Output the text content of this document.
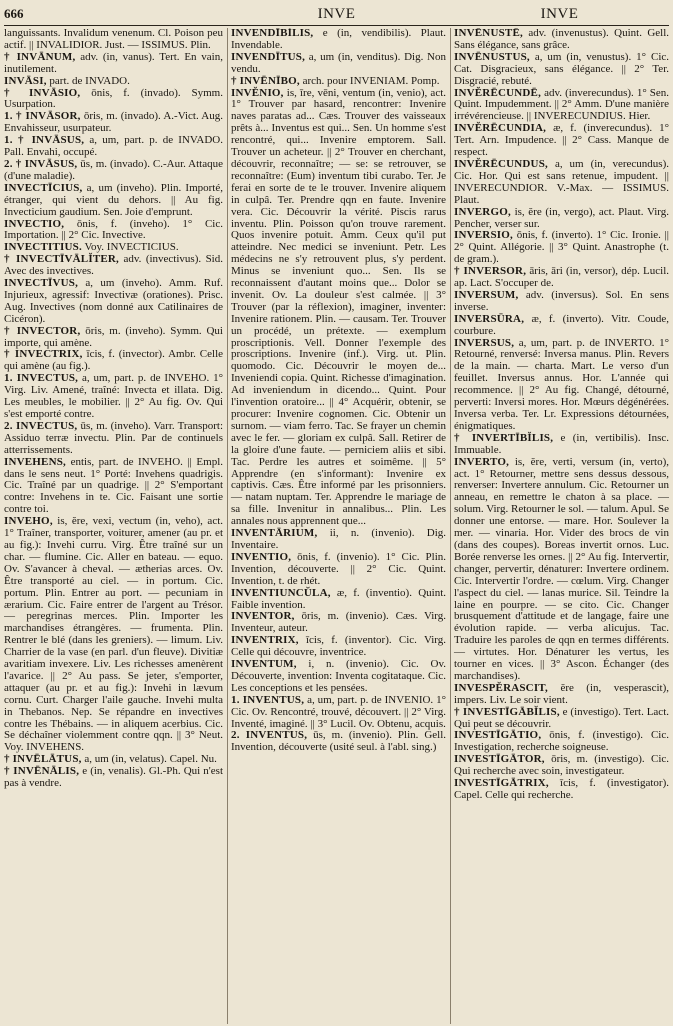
666	INVE	INVE

languissants. Invalidum venenum. Cl. Poison peu actif. || INVALIDIOR. Just. — ISSIMUS. Plin.

† INVĀNUM, adv. (in, vanus). Tert. En vain, inutilement.

INVĀSI, part. de INVADO.

† INVĀSIO, ōnis, f. (invado). Symm. Usurpation.

1. † INVĀSOR, ōris, m. (invado). A.-Vict. Aug. Envahisseur, usurpateur.

1. † INVĀSUS, a, um, part. p. de INVADO. Pall. Envahi, occupé.

2. † INVĀSUS, ūs, m. (invado). C.-Aur. Attaque (d'une maladie).

INVECTĪCIUS, a, um (inveho). Plin. Importé, étranger, qui vient du dehors. || Au fig. Invecticium gaudium. Sen. Joie d'emprunt.

INVECTIO, ōnis, f. (inveho). 1° Cic. Importation. || 2° Cic. Invective.

INVECTITIUS. Voy. INVECTICIUS.

† INVECTĪVĀLĬTER, adv. (invectivus). Sid. Avec des invectives.

INVECTĪVUS, a, um (inveho). Amm. Ruf. Injurieux, agressif: Invectivæ (orationes). Prisc. Aug. Invectives (nom donné aux Catilinaires de Cicéron).

† INVECTOR, ōris, m. (inveho). Symm. Qui importe, qui amène.

† INVECTRIX, īcis, f. (invector). Ambr. Celle qui amène (au fig.).

1. INVECTUS, a, um, part. p. de INVEHO. 1° Virg. Liv. Amené, traîné: Invecta et illata. Dig. Les meubles, le mobilier. || 2° Au fig. Ov. Qui s'est emporté contre.

2. INVECTUS, ūs, m. (inveho). Varr. Transport: Assiduo terræ invectu. Plin. Par de continuels atterrissements.

INVEHENS, entis, part. de INVEHO. || Empl. dans le sens neut. 1° Porté: Invehens quadrigis. Cic. Traîné par un quadrige. || 2° S'emportant contre: Invehens in te. Cic. Faisant une sortie contre toi.

INVEHO, is, ĕre, vexi, vectum (in, veho), act. 1° Traîner, transporter, voiturer, amener (au pr. et au fig.): Invehi curru. Virg. Être traîné sur un char. — flumine. Cic. Aller en bateau. — equo. Ov. S'avancer à cheval. — ætherias arces. Ov. Être transporté au ciel. — in portum. Cic. portum. Plin. Entrer au port. — pecuniam in ærarium. Cic. Faire entrer de l'argent au Trésor. — peregrinas merces. Plin. Importer les marchandises étrangères. — frumenta. Plin. Rentrer le blé (dans les greniers). — limum. Liv. Charrier de la vase (en parl. d'un fleuve). Divitiæ avaritiam invexere. Liv. Les richesses amenèrent l'avarice. || 2° Au pass. Se jeter, s'emporter, attaquer (au pr. et au fig.): Invehi in lævum cornu. Curt. Charger l'aile gauche. Invehi multa in Thebanos. Nep. Se répandre en invectives contre les Thébains. — in aliquem acerbius. Cic. Se déchaîner violemment contre qqn. || 3° Neut. Voy. INVEHENS.

† INVĒLĀTUS, a, um (in, velatus). Capel. Nu.

† INVĒNĀLIS, e (in, venalis). Gl.-Ph. Qui n'est pas à vendre.

INVENDĪBĬLIS, e (in, vendibilis). Plaut. Invendable.

INVENDĪTUS, a, um (in, venditus). Dig. Non vendu.

† INVĒNĪBO, arch. pour INVENIAM. Pomp.

INVĔNIO, is, īre, vēni, ventum (in, venio), act. 1° Trouver par hasard, rencontrer: Invenire naves paratas ad... Cæs. Trouver des vaisseaux prêts à... Inventus est qui... Sen. Un homme s'est rencontré, qui... Invenire emptorem. Sall. Trouver un acheteur. || 2° Trouver en cherchant, découvrir, reconnaître; — se: se retrouver, se reconnaître: (Eum) inventum tibi curabo. Ter. Je ferai en sorte de te le trouver. Invenire aliquem in culpâ. Ter. Prendre qqn en faute. Invenire vera. Cic. Découvrir la vérité. Piscis rarus inventu. Plin. Poisson qu'on trouve rarement. Quos invenire potuit. Amm. Ceux qu'il put atteindre. Nec medici se inveniunt. Petr. Les médecins ne s'y retrouvent plus, s'y perdent. Minus se inveniunt quo... Sen. Ils se reconnaissent d'autant moins que... Dolor se invenit. Ov. La douleur s'est calmée. || 3° Trouver (par la réflexion), imaginer, inventer: Invenire rationem. Plin. — causam. Ter. Trouver un procédé, un prétexte. — exemplum proscriptionis. Vell. Donner l'exemple des proscriptions. Invenire (inf.). Virg. ut. Plin. quomodo. Cic. Découvrir le moyen de... Inveniendi copia. Quint. Richesse d'imagination. Ad inveniendum in dicendo... Quint. Pour l'invention oratoire... || 4° Acquérir, obtenir, se procurer: Invenire cognomen. Cic. Obtenir un surnom. — viam ferro. Tac. Se frayer un chemin avec le fer. — gloriam ex culpâ. Sall. Retirer de la gloire d'une faute. — perniciem aliis et sibi. Tac. Perdre les autres et soimême. || 5° Apprendre (en s'informant): Invenire ex captivis. Cæs. Être informé par les prisonniers. — natam nuptam. Ter. Apprendre le mariage de sa fille. Invenitur in annalibus... Plin. Les annales nous apprennent que...

INVENTĀRIUM, ii, n. (invenio). Dig. Inventaire.

INVENTIO, ōnis, f. (invenio). 1° Cic. Plin. Invention, découverte. || 2° Cic. Quint. Invention, t. de rhét.

INVENTIUNCŬLA, æ, f. (inventio). Quint. Faible invention.

INVENTOR, ōris, m. (invenio). Cæs. Virg. Inventeur, auteur.

INVENTRIX, īcis, f. (inventor). Cic. Virg. Celle qui découvre, inventrice.

INVENTUM, i, n. (invenio). Cic. Ov. Découverte, invention: Inventa cogitataque. Cic. Les conceptions et les pensées.

1. INVENTUS, a, um, part. p. de INVENIO. 1° Cic. Ov. Rencontré, trouvé, découvert. || 2° Virg. Inventé, imaginé. || 3° Lucil. Ov. Obtenu, acquis.

2. INVENTUS, ūs, m. (invenio). Plin. Gell. Invention, découverte (usité seul. à l'abl. sing.)

INVĒNUSTĒ, adv. (invenustus). Quint. Gell. Sans élégance, sans grâce.

INVĒNUSTUS, a, um (in, venustus). 1° Cic. Cat. Disgracieux, sans élégance. || 2° Ter. Disgracié, rebuté.

INVĔRĒCUNDĒ, adv. (inverecundus). 1° Sen. Quint. Impudemment. || 2° Amm. D'une manière irrévérencieuse. || INVERECUNDIUS. Hier.

INVĔRĒCUNDIA, æ, f. (inverecundus). 1° Tert. Arn. Impudence. || 2° Cass. Manque de respect.

INVĔRĒCUNDUS, a, um (in, verecundus). Cic. Hor. Qui est sans retenue, impudent. || INVERECUNDIOR. V.-Max. — ISSIMUS. Plaut.

INVERGO, is, ĕre (in, vergo), act. Plaut. Virg. Pencher, verser sur.

INVERSIO, ōnis, f. (inverto). 1° Cic. Ironie. || 2° Quint. Allégorie. || 3° Quint. Anastrophe (t. de gram.).

† INVERSOR, āris, āri (in, versor), dép. Lucil. ap. Lact. S'occuper de.

INVERSUM, adv. (inversus). Sol. En sens inverse.

INVERSŪRA, æ, f. (inverto). Vitr. Coude, courbure.

INVERSUS, a, um, part. p. de INVERTO. 1° Retourné, renversé: Inversa manus. Plin. Revers de la main. — charta. Mart. Le verso d'un feuillet. Inversus annus. Hor. L'année qui recommence. || 2° Au fig. Changé, détourné, perverti: Inversi mores. Hor. Mœurs dégénérées. Inversa verba. Ter. Lr. Expressions détournées, énigmatiques.

† INVERTĪBĬLIS, e (in, vertibilis). Insc. Immuable.

INVERTO, is, ĕre, verti, versum (in, verto), act. 1° Retourner, mettre sens dessus dessous, renverser: Invertere annulum. Cic. Retourner un anneau, en remettre le chaton à sa place. — solum. Virg. Retourner le sol. — talum. Apul. Se donner une entorse. — mare. Hor. Soulever la mer. — vinaria. Hor. Vider des brocs de vin (dans des coupes). Boreas invertit ornos. Luc. Borée renverse les ornes. || 2° Au fig. Intervertir, changer, pervertir, dénaturer: Invertere ordinem. Cic. Intervertir l'ordre. — cœlum. Virg. Changer l'aspect du ciel. — lanas murice. Sil. Teindre la laine en pourpre. — se cito. Cic. Changer brusquement d'attitude et de langage, faire une évolution rapide. — verba alicujus. Tac. Traduire les paroles de qqn en termes différents. — virtutes. Hor. Dénaturer les vertus, les tourner en vices. || 3° Ascon. Échanger (des marchandises).

INVESPĔRASCIT, ĕre (in, vesperascit), impers. Liv. Le soir vient.

† INVESTĪGĀBĬLIS, e (investigo). Tert. Lact. Qui peut se découvrir.

INVESTĪGĀTIO, ōnis, f. (investigo). Cic. Investigation, recherche soigneuse.

INVESTĪGĀTOR, ōris, m. (investigo). Cic. Qui recherche avec soin, investigateur.

INVESTĪGĀTRIX, īcis, f. (investigator). Capel. Celle qui recherche.
